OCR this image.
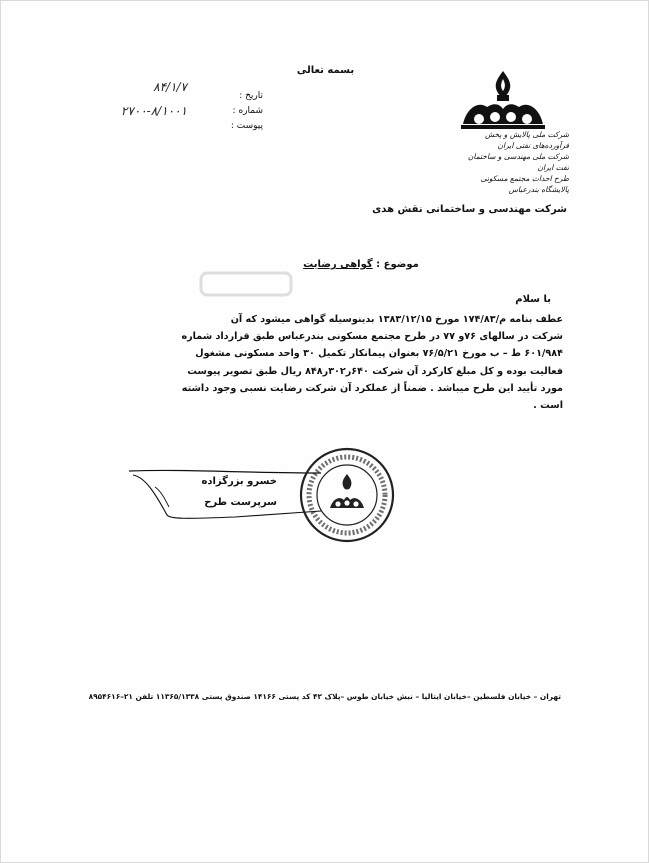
بسمه تعالی
شرکت ملی پالایش و پخش فرآورده‌های نفتی ایران
شرکت ملی مهندسی و ساختمان نفت ایران
طرح احداث مجتمع مسکونی پالایشگاه بندرعباس
تاریخ :
شماره :
پیوست :
۸۴/۱/۷
۲۷۰۰-۸/۱۰۰۱
شرکت مهندسی و ساختمانی نقش هدی
موضوع : گواهی رضایت
با سلام

عطف بنامه م/۱۷۴/۸۳ مورخ ۱۳۸۳/۱۲/۱۵ بدینوسیله گواهی میشود که آن

شرکت در سالهای ۷۶و ۷۷ در طرح مجتمع مسکونی بندرعباس طبق قرارداد شماره

۶۰۱/۹۸۴ ط – ب مورخ ۷۶/۵/۲۱ بعنوان پیمانکار تکمیل ۳۰ واحد مسکونی مشغول

فعالیت بوده و کل مبلغ کارکرد آن شرکت ۶۴۰ر۳۰۲ر۸۴۸ ریال طبق تصویر پیوست

مورد تأیید این طرح میباشد . ضمناً از عملکرد آن شرکت رضایت نسبی وجود داشته

است .

خسرو بزرگزاده
سرپرست طرح
تهران – خیابان فلسطین –خیابان ایتالیا – نبش خیابان طوس –پلاک ۴۲ کد پستی ۱۴۱۶۶ صندوق پستی ۱۱۳۶۵/۱۳۳۸ تلفن ۲۱–۸۹۵۴۶۱۶
